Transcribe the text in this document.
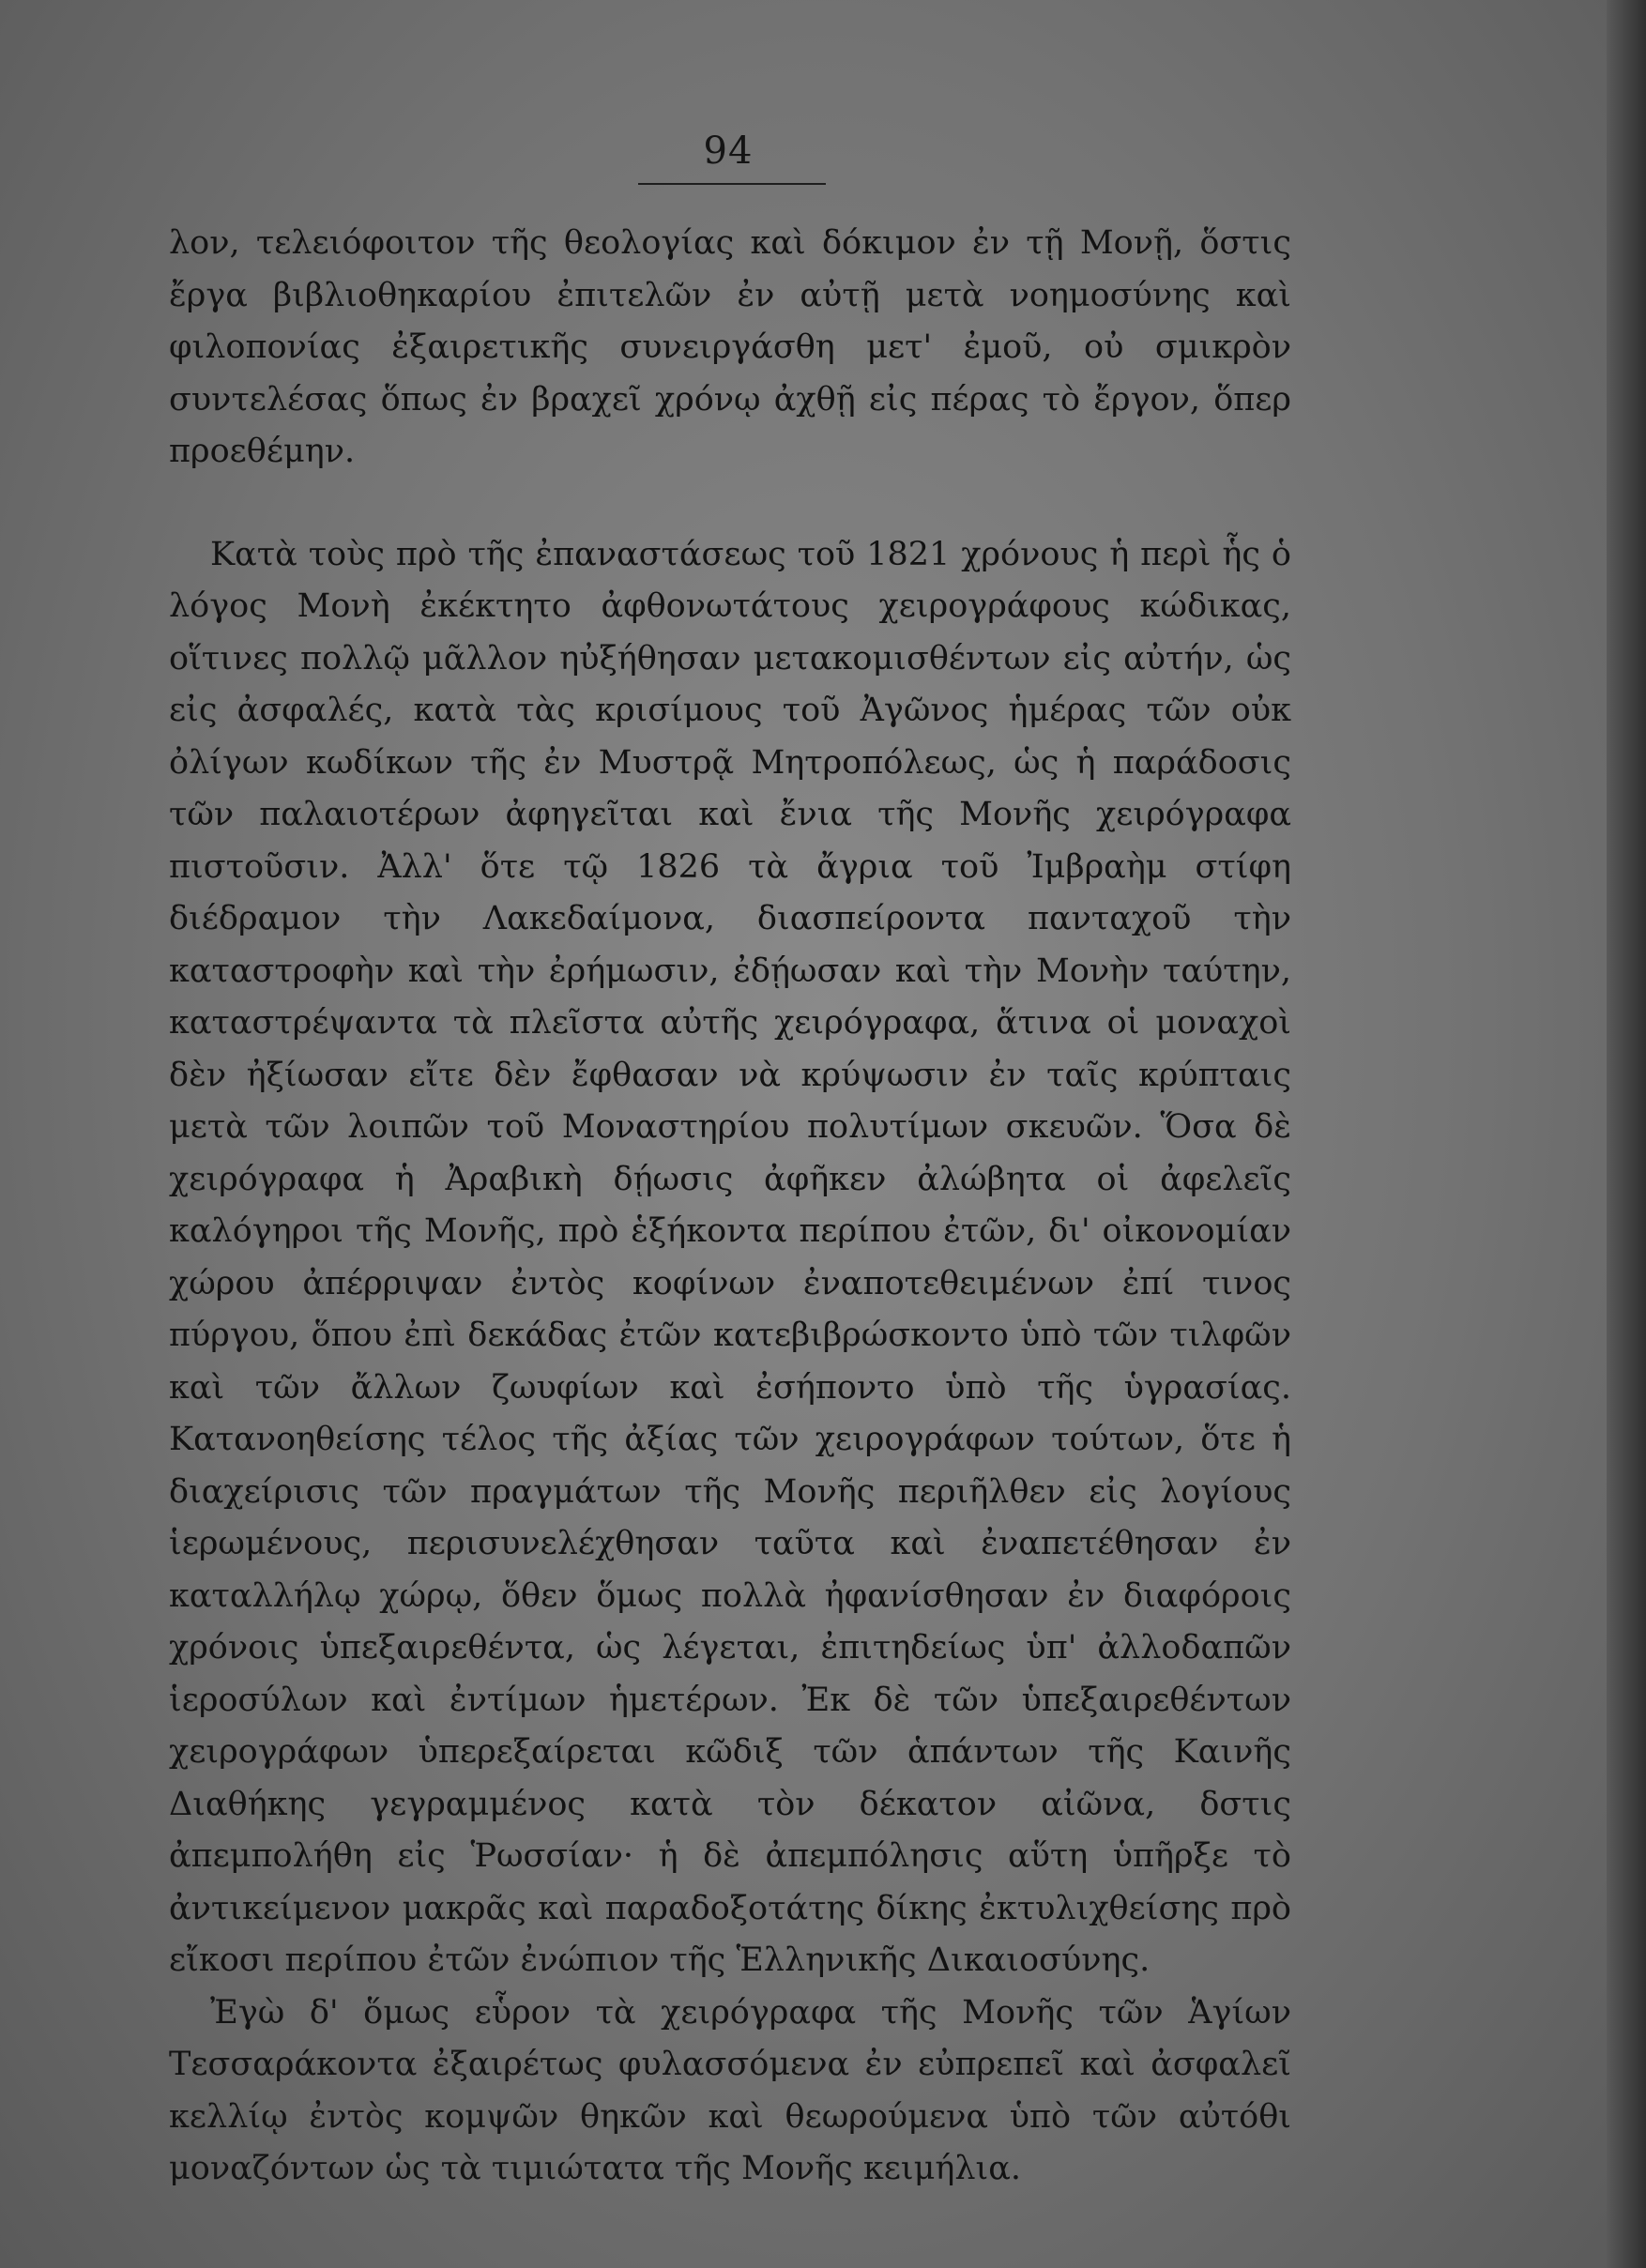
94

λον, τελειόφοιτον τῆς θεολογίας καὶ δόκιμον ἐν τῇ Μονῇ, ὅστις ἔργα βιβλιοθηκαρίου ἐπιτελῶν ἐν αὐτῇ μετὰ νοημοσύνης καὶ φιλοπονίας ἐξαιρετικῆς συνειργάσθη μετ' ἐμοῦ, οὐ σμικρὸν συντελέσας ὅπως ἐν βραχεῖ χρόνῳ ἀχθῇ εἰς πέρας τὸ ἔργον, ὅπερ προεθέμην.

Κατὰ τοὺς πρὸ τῆς ἐπαναστάσεως τοῦ 1821 χρόνους ἡ περὶ ἧς ὁ λόγος Μονὴ ἐκέκτητο ἀφθονωτάτους χειρογράφους κώδικας, οἵτινες πολλῷ μᾶλλον ηὐξήθησαν μετακομισθέντων εἰς αὐτήν, ὡς εἰς ἀσφαλές, κατὰ τὰς κρισίμους τοῦ Ἀγῶνος ἡμέρας τῶν οὐκ ὀλίγων κωδίκων τῆς ἐν Μυστρᾷ Μητροπόλεως, ὡς ἡ παράδοσις τῶν παλαιοτέρων ἀφηγεῖται καὶ ἔνια τῆς Μονῆς χειρόγραφα πιστοῦσιν. Ἀλλ' ὅτε τῷ 1826 τὰ ἄγρια τοῦ Ἰμβραὴμ στίφη διέδραμον τὴν Λακεδαίμονα, διασπείροντα πανταχοῦ τὴν καταστροφὴν καὶ τὴν ἐρήμωσιν, ἐδῄωσαν καὶ τὴν Μονὴν ταύτην, καταστρέψαντα τὰ πλεῖστα αὐτῆς χειρόγραφα, ἅτινα οἱ μοναχοὶ δὲν ἠξίωσαν εἴτε δὲν ἔφθασαν νὰ κρύψωσιν ἐν ταῖς κρύπταις μετὰ τῶν λοιπῶν τοῦ Μοναστηρίου πολυτίμων σκευῶν. Ὅσα δὲ χειρόγραφα ἡ Ἀραβικὴ δῄωσις ἀφῆκεν ἀλώβητα οἱ ἀφελεῖς καλόγηροι τῆς Μονῆς, πρὸ ἑξήκοντα περίπου ἐτῶν, δι' οἰκονομίαν χώρου ἀπέρριψαν ἐντὸς κοφίνων ἐναποτεθειμένων ἐπί τινος πύργου, ὅπου ἐπὶ δεκάδας ἐτῶν κατεβιβρώσκοντο ὑπὸ τῶν τιλφῶν καὶ τῶν ἄλλων ζωυφίων καὶ ἐσήποντο ὑπὸ τῆς ὑγρασίας. Κατανοηθείσης τέλος τῆς ἀξίας τῶν χειρογράφων τούτων, ὅτε ἡ διαχείρισις τῶν πραγμάτων τῆς Μονῆς περιῆλθεν εἰς λογίους ἱερωμένους, περισυνελέχθησαν ταῦτα καὶ ἐναπετέθησαν ἐν καταλλήλῳ χώρῳ, ὅθεν ὅμως πολλὰ ἠφανίσθησαν ἐν διαφόροις χρόνοις ὑπεξαιρεθέντα, ὡς λέγεται, ἐπιτηδείως ὑπ' ἀλλοδαπῶν ἱεροσύλων καὶ ἐντίμων ἡμετέρων. Ἐκ δὲ τῶν ὑπεξαιρεθέντων χειρογράφων ὑπερεξαίρεται κῶδιξ τῶν ἁπάντων τῆς Καινῆς Διαθήκης γεγραμμένος κατὰ τὸν δέκατον αἰῶνα, δστις ἀπεμπολήθη εἰς Ῥωσσίαν· ἡ δὲ ἀπεμπόλησις αὕτη ὑπῆρξε τὸ ἀντικείμενον μακρᾶς καὶ παραδοξοτάτης δίκης ἐκτυλιχθείσης πρὸ εἴκοσι περίπου ἐτῶν ἐνώπιον τῆς Ἑλληνικῆς Δικαιοσύνης.

Ἐγὼ δ' ὅμως εὗρον τὰ χειρόγραφα τῆς Μονῆς τῶν Ἁγίων Τεσσαράκοντα ἐξαιρέτως φυλασσόμενα ἐν εὐπρεπεῖ καὶ ἀσφαλεῖ κελλίῳ ἐντὸς κομψῶν θηκῶν καὶ θεωρούμενα ὑπὸ τῶν αὐτόθι μοναζόντων ὡς τὰ τιμιώτατα τῆς Μονῆς κειμήλια.
